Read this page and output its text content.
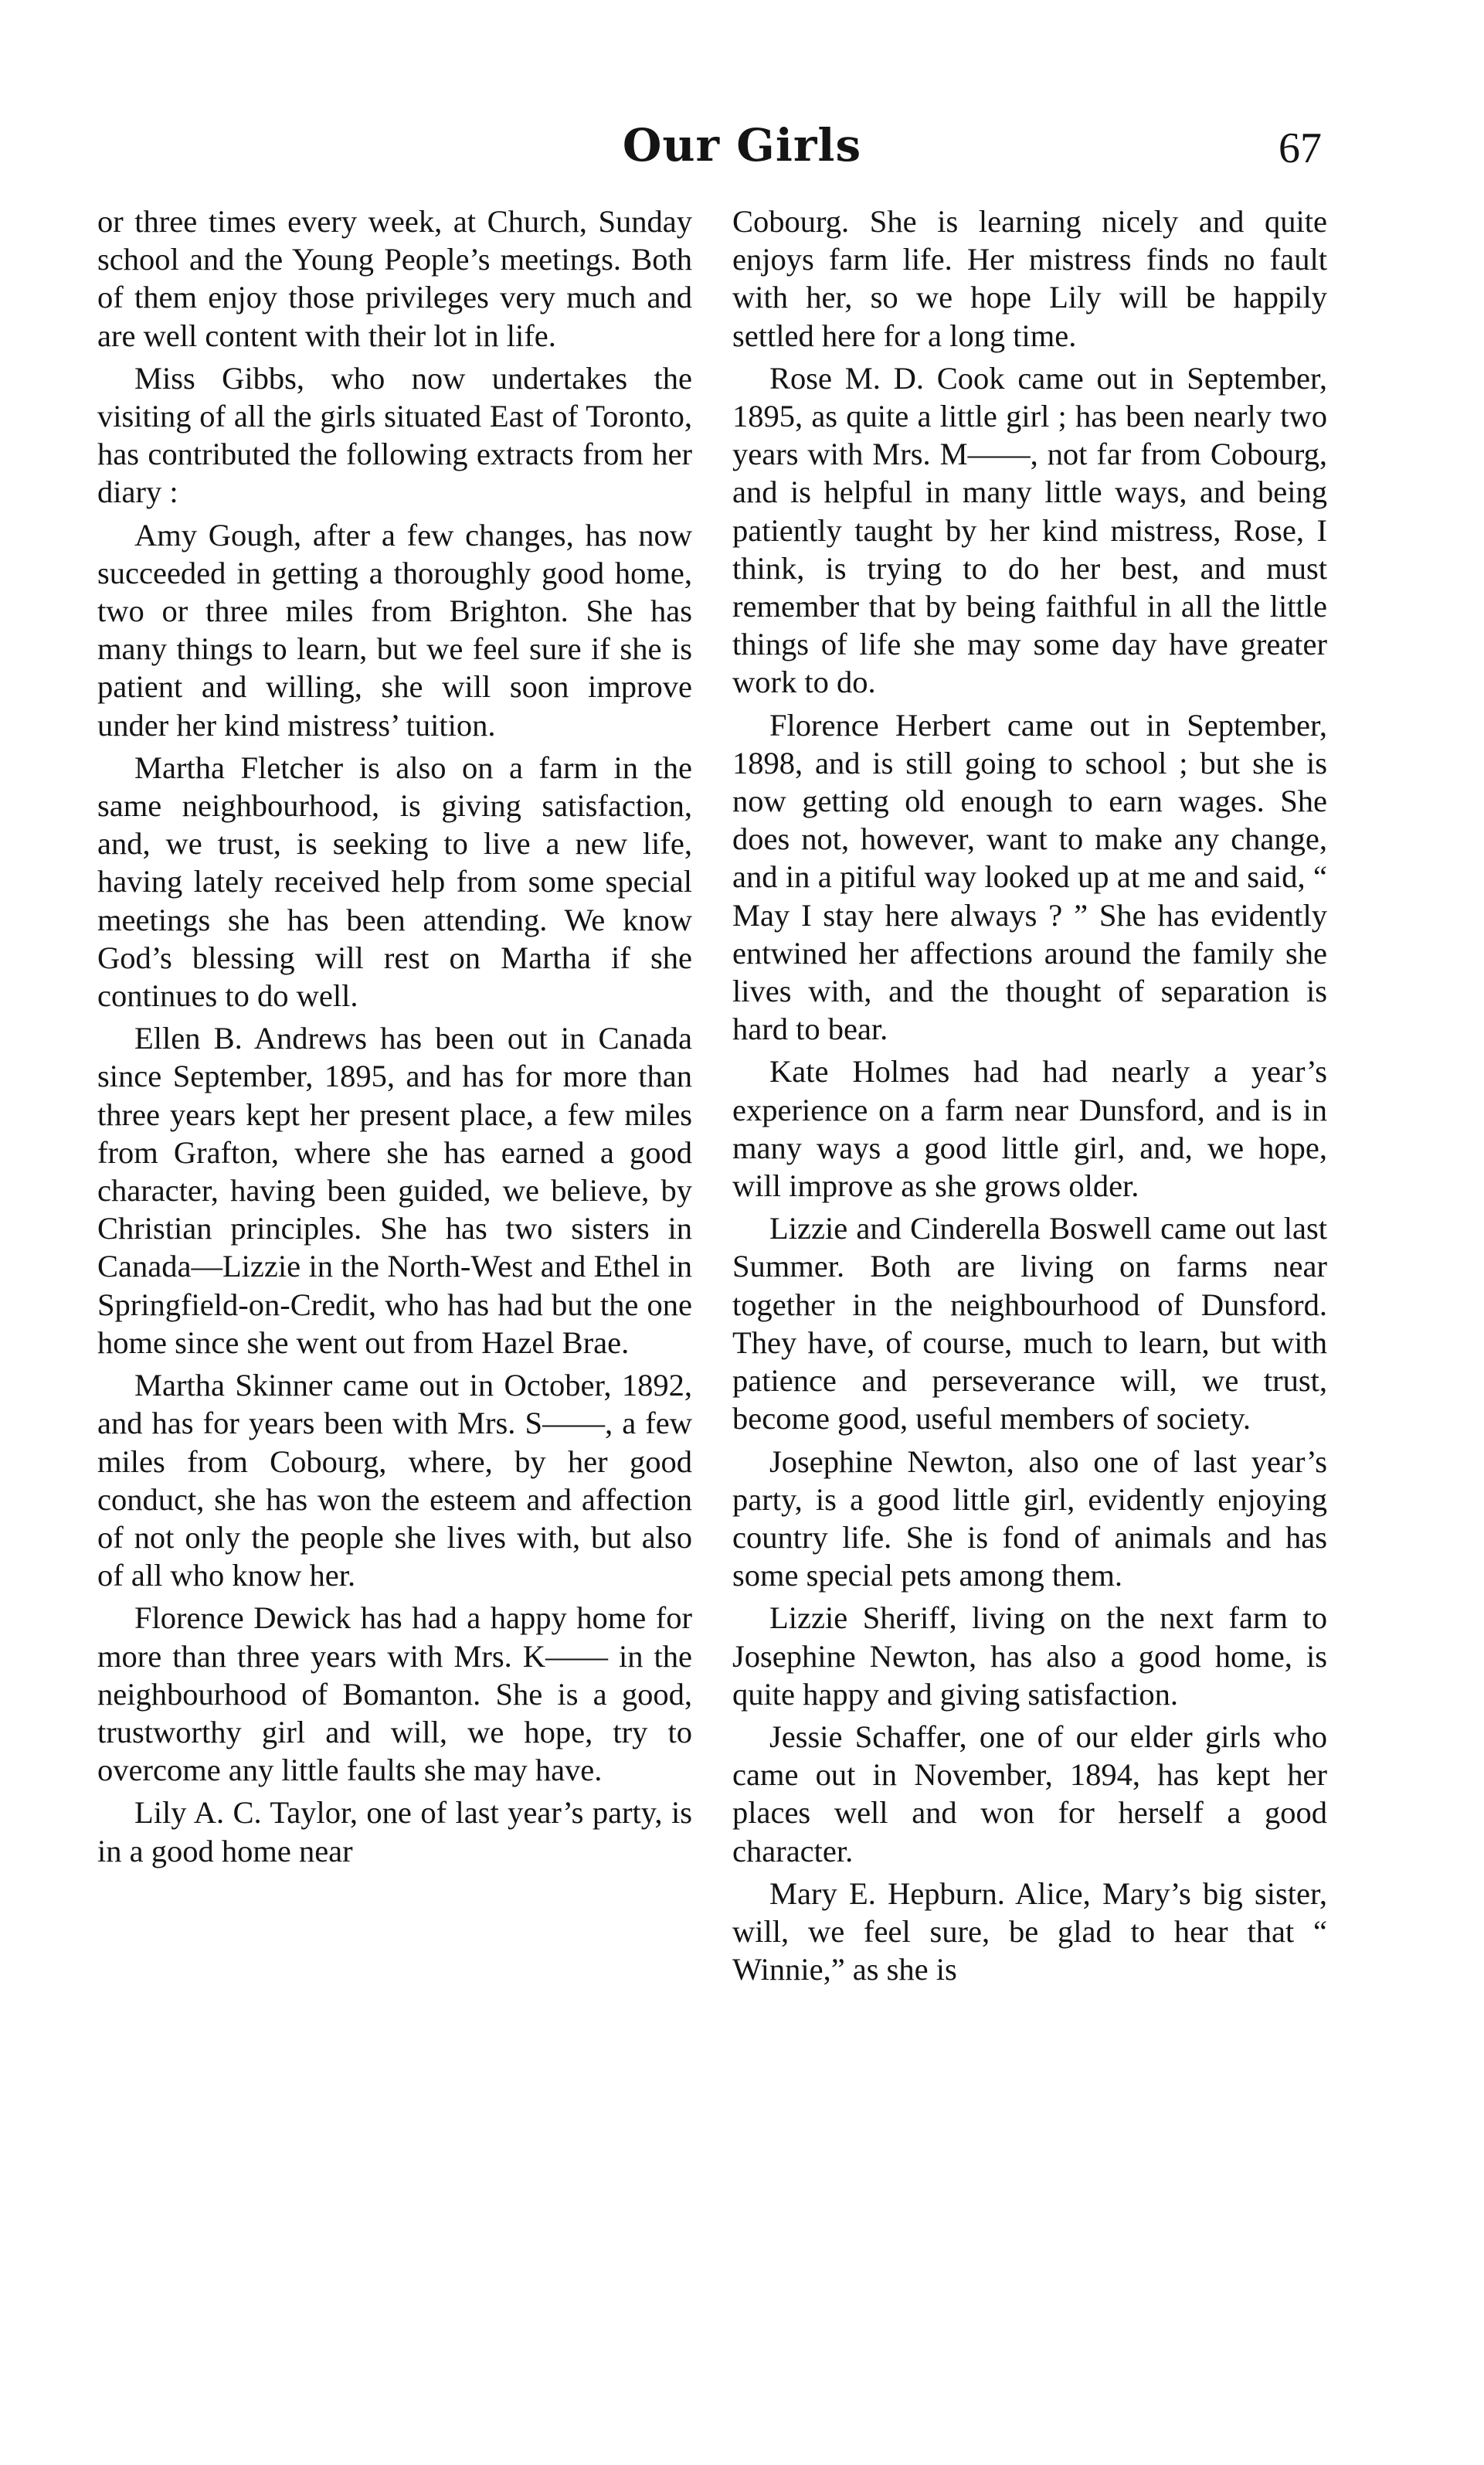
Our Girls	67

or three times every week, at Church, Sunday school and the Young People’s meetings. Both of them enjoy those privileges very much and are well content with their lot in life.

Miss Gibbs, who now undertakes the visiting of all the girls situated East of Toronto, has contributed the following extracts from her diary :

Amy Gough, after a few changes, has now succeeded in getting a thoroughly good home, two or three miles from Brighton. She has many things to learn, but we feel sure if she is patient and willing, she will soon improve under her kind mistress’ tuition.

Martha Fletcher is also on a farm in the same neighbourhood, is giving satisfaction, and, we trust, is seeking to live a new life, having lately received help from some special meetings she has been attending. We know God’s blessing will rest on Martha if she continues to do well.

Ellen B. Andrews has been out in Canada since September, 1895, and has for more than three years kept her present place, a few miles from Grafton, where she has earned a good character, having been guided, we believe, by Christian principles. She has two sisters in Canada—Lizzie in the North-West and Ethel in Springfield-on-Credit, who has had but the one home since she went out from Hazel Brae.

Martha Skinner came out in October, 1892, and has for years been with Mrs. S——, a few miles from Cobourg, where, by her good conduct, she has won the esteem and affection of not only the people she lives with, but also of all who know her.

Florence Dewick has had a happy home for more than three years with Mrs. K—— in the neighbourhood of Bomanton. She is a good, trustworthy girl and will, we hope, try to overcome any little faults she may have.

Lily A. C. Taylor, one of last year’s party, is in a good home near

Cobourg. She is learning nicely and quite enjoys farm life. Her mistress finds no fault with her, so we hope Lily will be happily settled here for a long time.

Rose M. D. Cook came out in September, 1895, as quite a little girl ; has been nearly two years with Mrs. M——, not far from Cobourg, and is helpful in many little ways, and being patiently taught by her kind mistress, Rose, I think, is trying to do her best, and must remember that by being faithful in all the little things of life she may some day have greater work to do.

Florence Herbert came out in September, 1898, and is still going to school ; but she is now getting old enough to earn wages. She does not, however, want to make any change, and in a pitiful way looked up at me and said, “ May I stay here always ? ” She has evidently entwined her affections around the family she lives with, and the thought of separation is hard to bear.

Kate Holmes had had nearly a year’s experience on a farm near Dunsford, and is in many ways a good little girl, and, we hope, will improve as she grows older.

Lizzie and Cinderella Boswell came out last Summer. Both are living on farms near together in the neighbourhood of Dunsford. They have, of course, much to learn, but with patience and perseverance will, we trust, become good, useful members of society.

Josephine Newton, also one of last year’s party, is a good little girl, evidently enjoying country life. She is fond of animals and has some special pets among them.

Lizzie Sheriff, living on the next farm to Josephine Newton, has also a good home, is quite happy and giving satisfaction.

Jessie Schaffer, one of our elder girls who came out in November, 1894, has kept her places well and won for herself a good character.

Mary E. Hepburn. Alice, Mary’s big sister, will, we feel sure, be glad to hear that “ Winnie,” as she is
